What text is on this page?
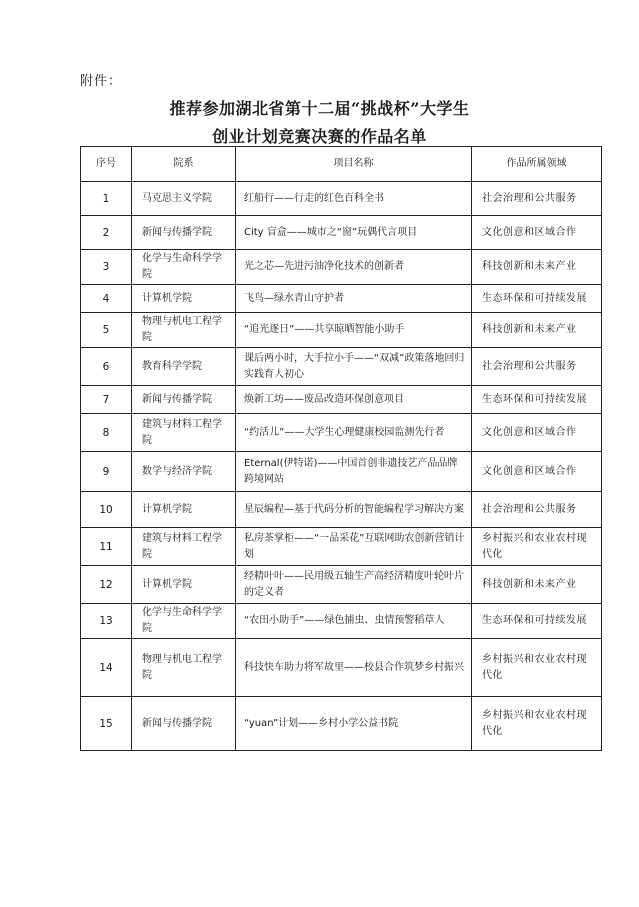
附件：
推荐参加湖北省第十二届“挑战杯”大学生
创业计划竞赛决赛的作品名单
序号	院系	项目名称	作品所属领域
1	马克思主义学院	红船行——行走的红色百科全书	社会治理和公共服务
2	新闻与传播学院	City 盲盒——城市之“窗”玩偶代言项目	文化创意和区域合作
3	化学与生命科学学院	光之芯—先进污油净化技术的创新者	科技创新和未来产业
4	计算机学院	飞鸟—绿水青山守护者	生态环保和可持续发展
5	物理与机电工程学院	“追光逐日”——共享晾晒智能小助手	科技创新和未来产业
6	教育科学学院	课后两小时，大手拉小手——“双减”政策落地回归实践育人初心	社会治理和公共服务
7	新闻与传播学院	焕新工坊——废品改造环保创意项目	生态环保和可持续发展
8	建筑与材料工程学院	“约活儿”——大学生心理健康校园监测先行者	文化创意和区域合作
9	数学与经济学院	Eternal(伊特诺)——中国首创非遗技艺产品品牌跨境网站	文化创意和区域合作
10	计算机学院	星辰编程—基于代码分析的智能编程学习解决方案	社会治理和公共服务
11	建筑与材料工程学院	私房茶掌柜——“一品采花”互联网助农创新营销计划	乡村振兴和农业农村现代化
12	计算机学院	经精叶叶——民用级五轴生产高经济精度叶轮叶片的定义者	科技创新和未来产业
13	化学与生命科学学院	“农田小助手”——绿色捕虫、虫情预警稻草人	生态环保和可持续发展
14	物理与机电工程学院	科技快车助力将军故里——校县合作筑梦乡村振兴	乡村振兴和农业农村现代化
15	新闻与传播学院	“yuan”计划——乡村小学公益书院	乡村振兴和农业农村现代化
